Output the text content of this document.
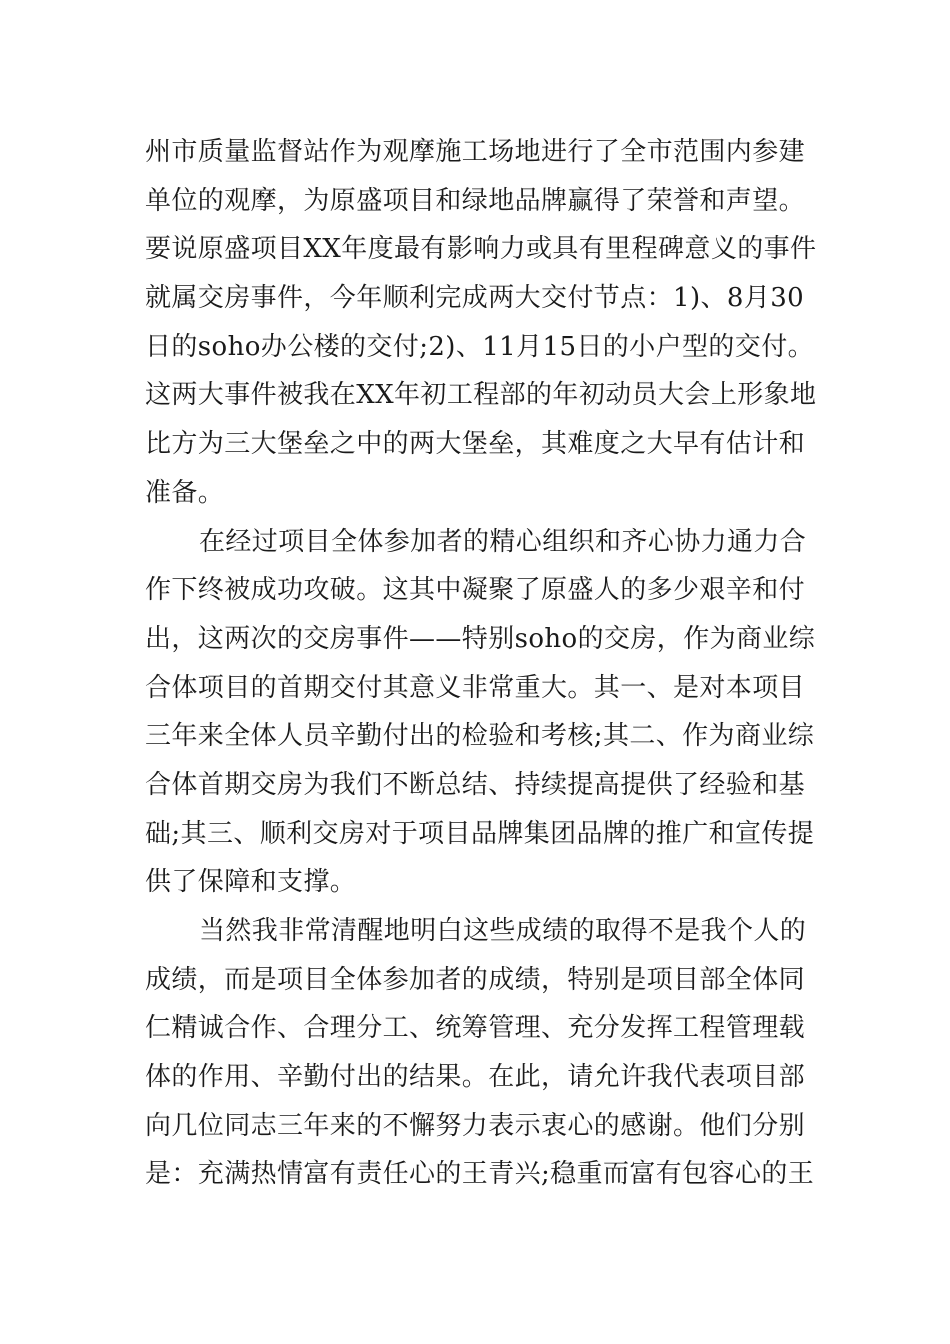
州市质量监督站作为观摩施工场地进行了全市范围内参建
单位的观摩，为原盛项目和绿地品牌赢得了荣誉和声望。
要说原盛项目XX年度最有影响力或具有里程碑意义的事件
就属交房事件，今年顺利完成两大交付节点：1)、8月30
日的soho办公楼的交付;2)、11月15日的小户型的交付。
这两大事件被我在XX年初工程部的年初动员大会上形象地
比方为三大堡垒之中的两大堡垒，其难度之大早有估计和
准备。
在经过项目全体参加者的精心组织和齐心协力通力合
作下终被成功攻破。这其中凝聚了原盛人的多少艰辛和付
出，这两次的交房事件——特别soho的交房，作为商业综
合体项目的首期交付其意义非常重大。其一、是对本项目
三年来全体人员辛勤付出的检验和考核;其二、作为商业综
合体首期交房为我们不断总结、持续提高提供了经验和基
础;其三、顺利交房对于项目品牌集团品牌的推广和宣传提
供了保障和支撑。
当然我非常清醒地明白这些成绩的取得不是我个人的
成绩，而是项目全体参加者的成绩，特别是项目部全体同
仁精诚合作、合理分工、统筹管理、充分发挥工程管理载
体的作用、辛勤付出的结果。在此，请允许我代表项目部
向几位同志三年来的不懈努力表示衷心的感谢。他们分别
是：充满热情富有责任心的王青兴;稳重而富有包容心的王
